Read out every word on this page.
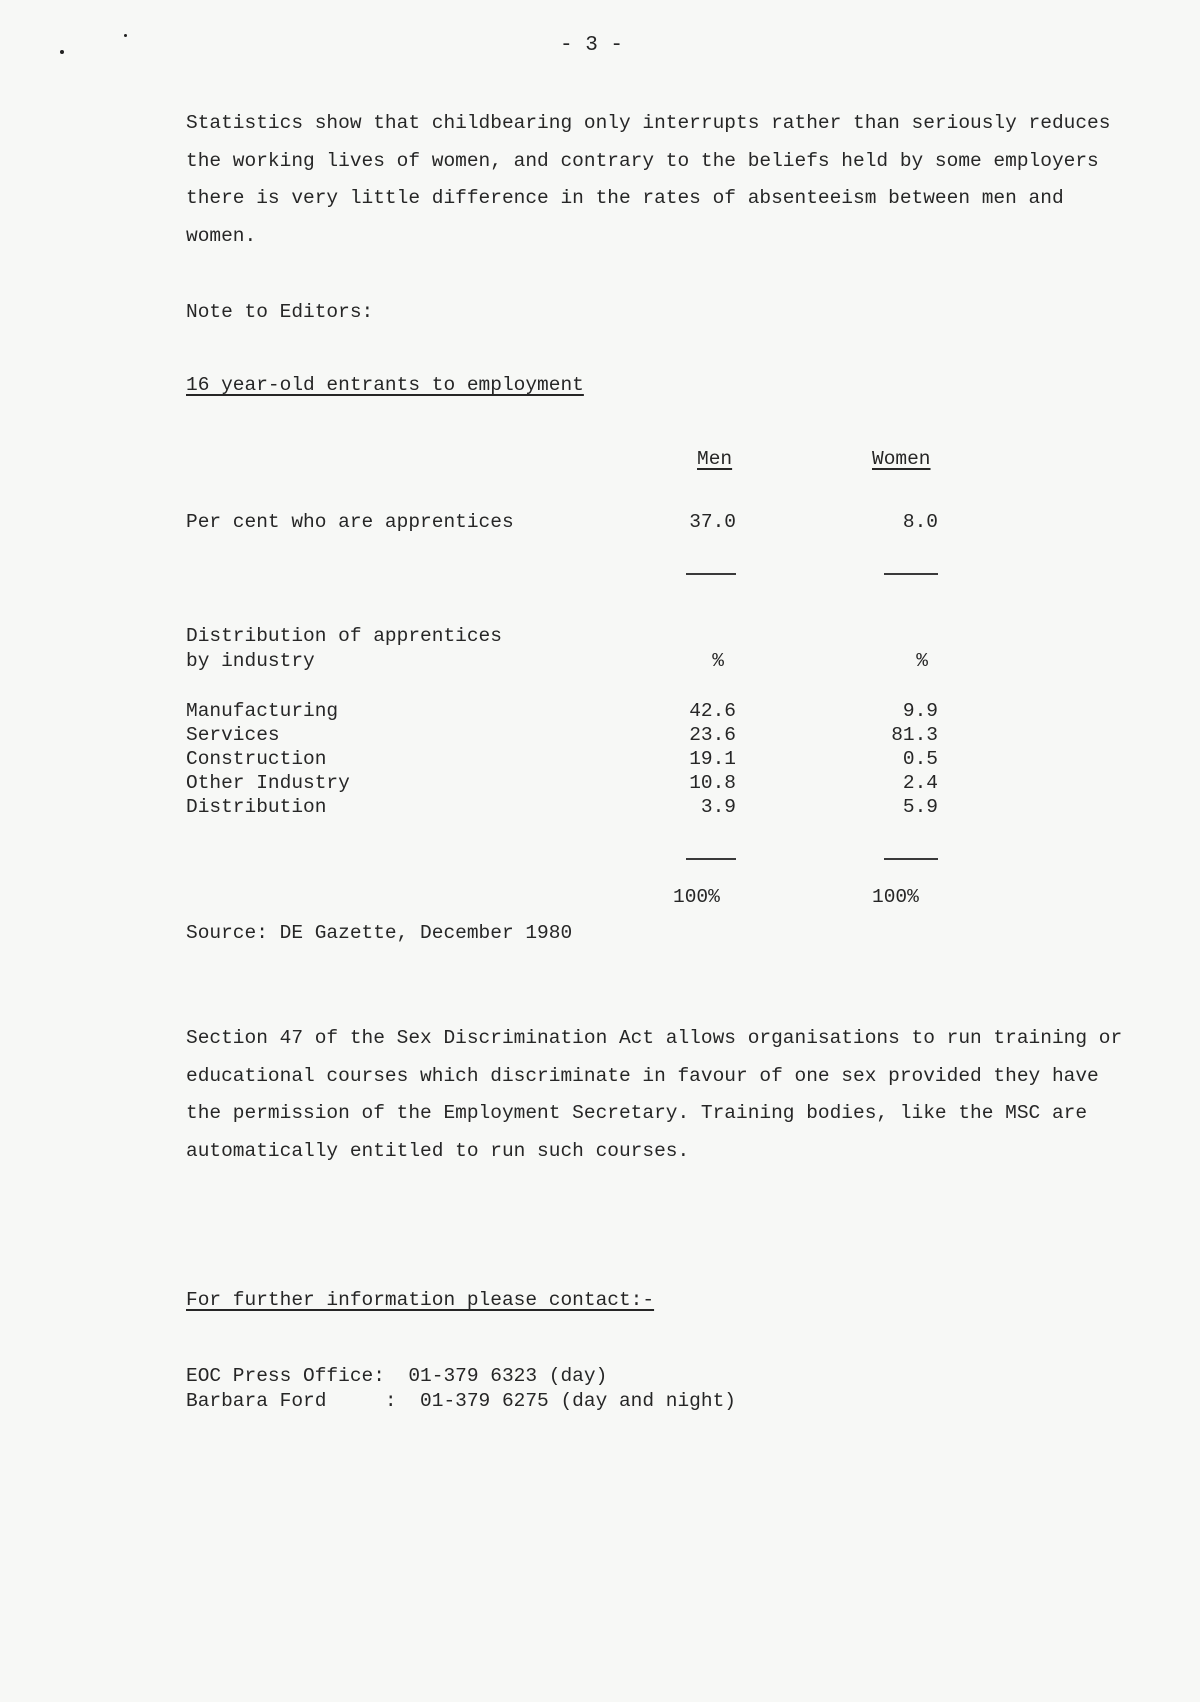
- 3 -

Statistics show that childbearing only interrupts rather than seriously reduces the working lives of women, and contrary to the beliefs held by some employers there is very little difference in the rates of absenteeism between men and women.

Note to Editors:
16 year-old entrants to employment
Men	Women
Per cent who are apprentices	37.0	8.0
Distribution of apprentices
by industry	%	%
Manufacturing	42.6	9.9
Services	23.6	81.3
Construction	19.1	0.5
Other Industry	10.8	2.4
Distribution	3.9	5.9
100%	100%
Source: DE Gazette, December 1980

Section 47 of the Sex Discrimination Act allows organisations to run training or educational courses which discriminate in favour of one sex provided they have the permission of the Employment Secretary. Training bodies, like the MSC are automatically entitled to run such courses.

For further information please contact:-
EOC Press Office:  01-379 6323 (day)
Barbara Ford     :  01-379 6275 (day and night)
